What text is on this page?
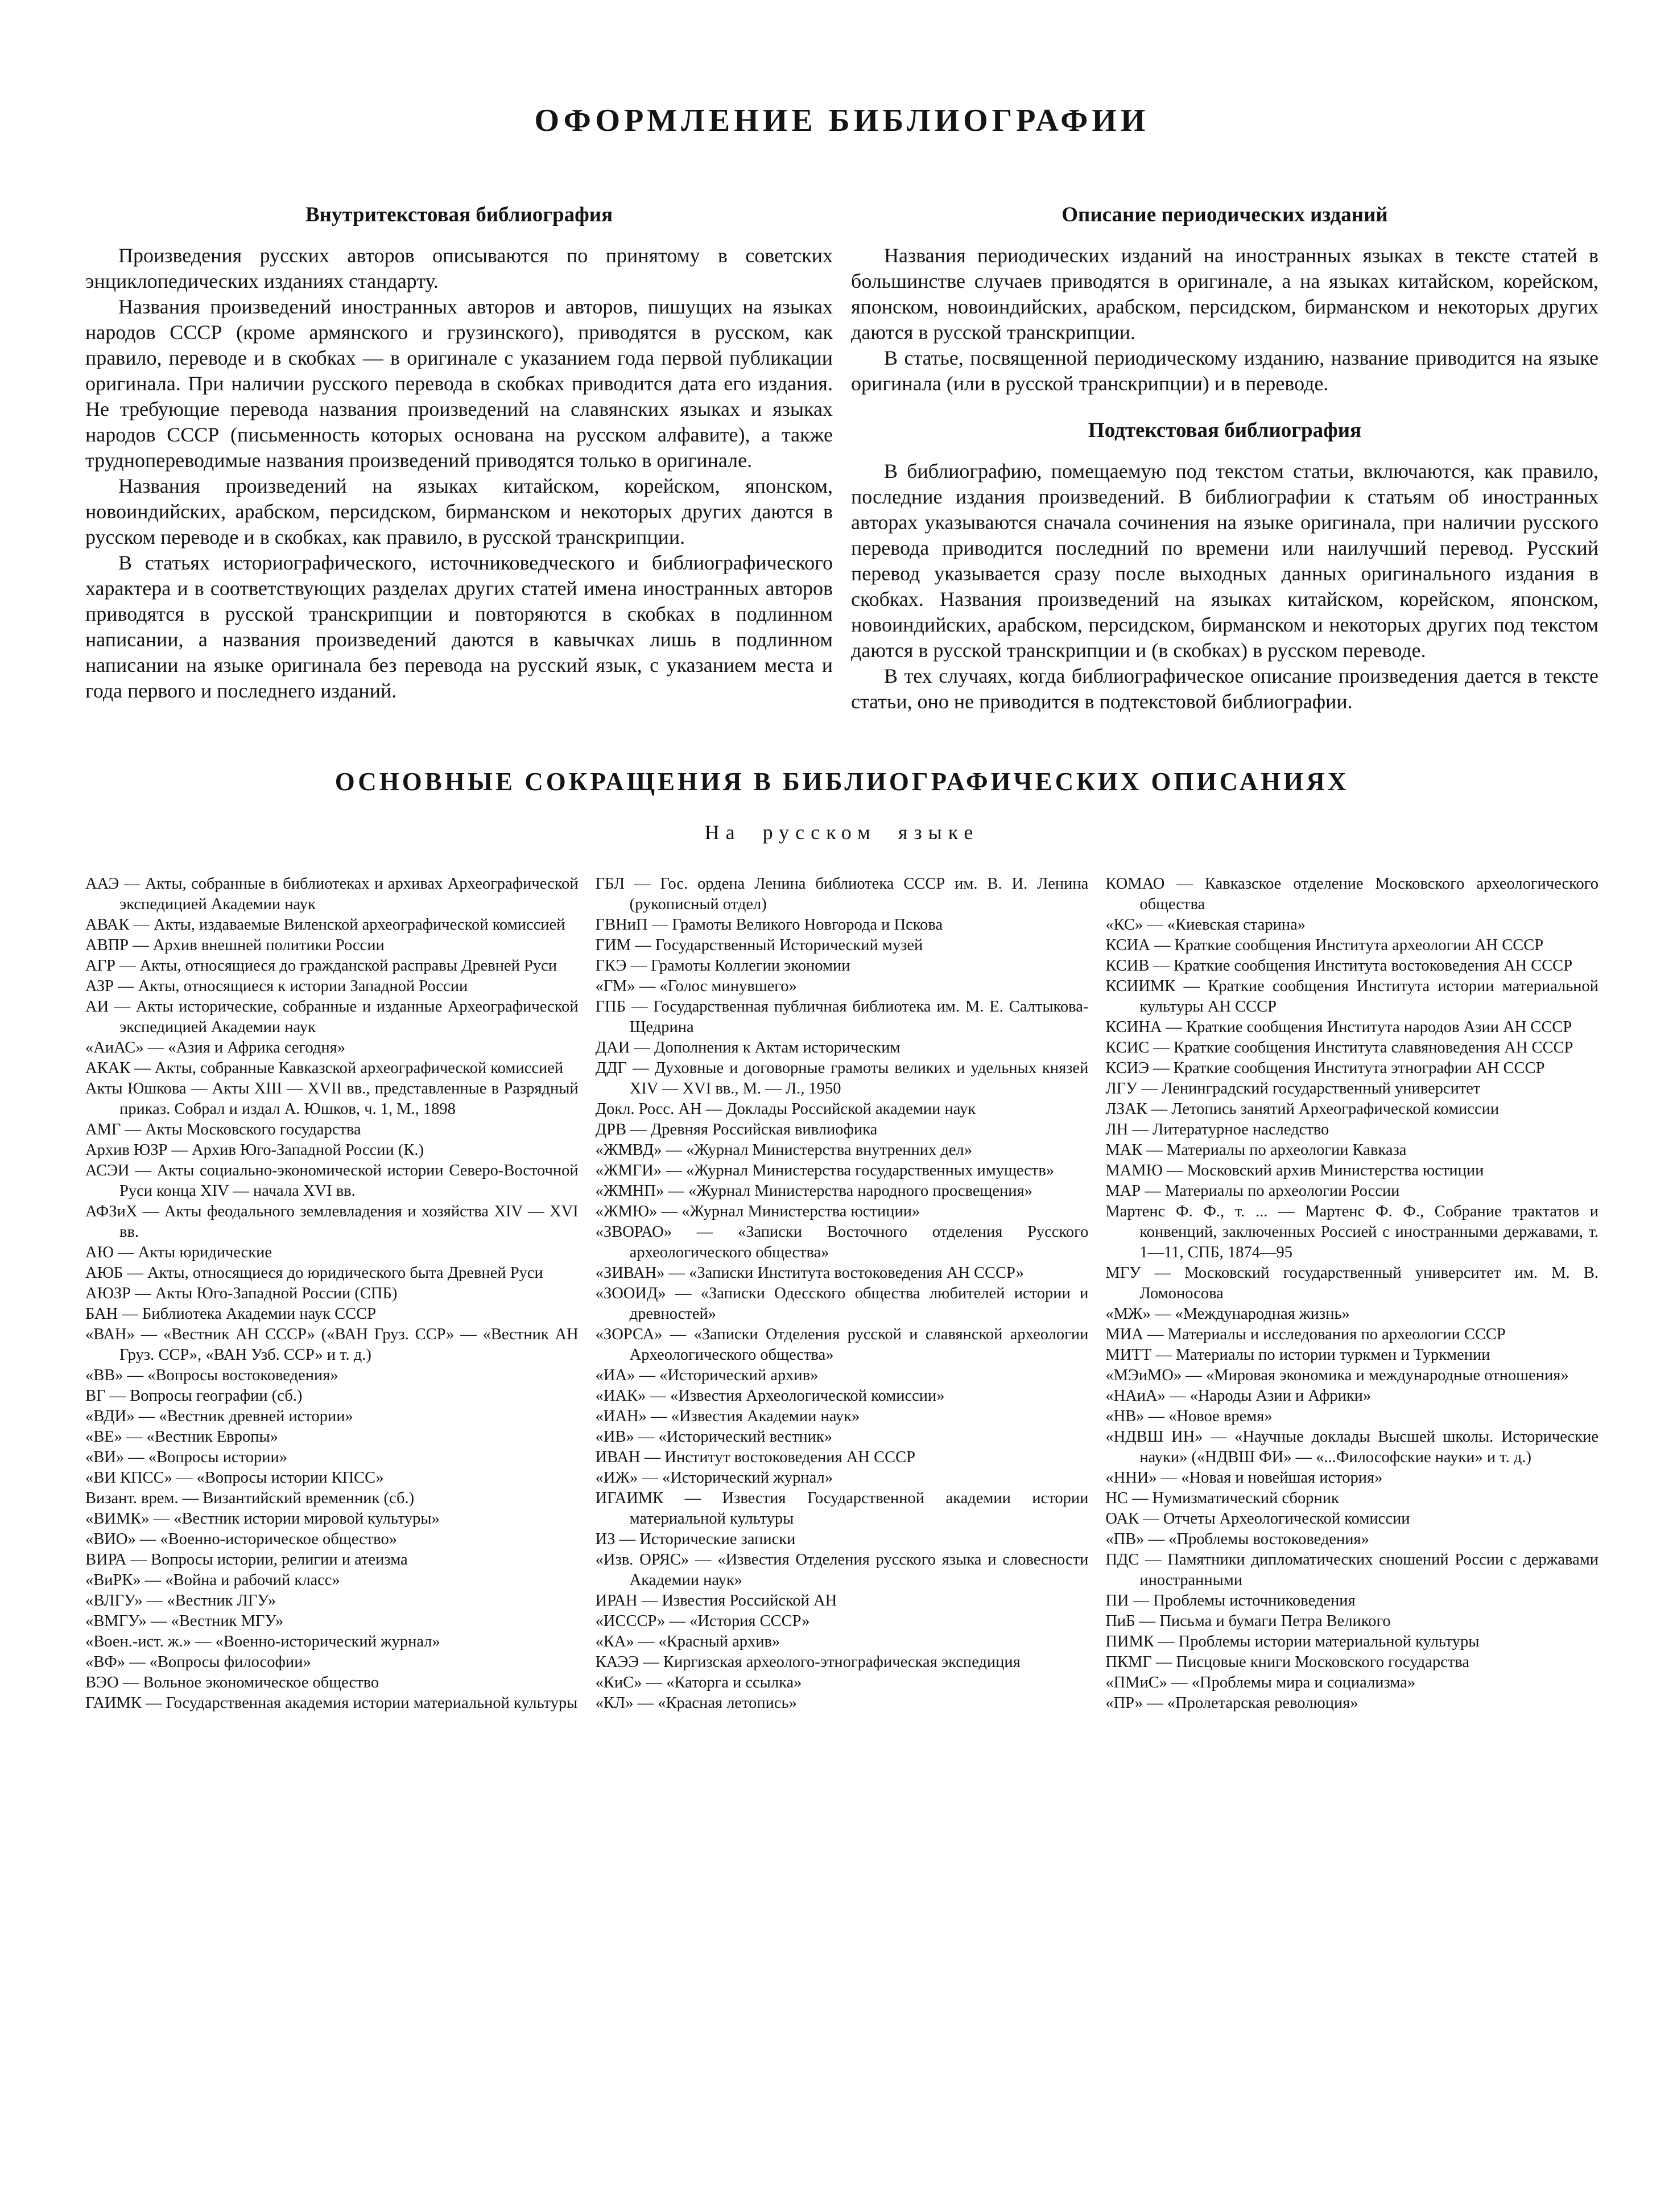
ОФОРМЛЕНИЕ БИБЛИОГРАФИИ
Внутритекстовая библиография

Произведения русских авторов описываются по принятому в советских энциклопедических изданиях стандарту.

Названия произведений иностранных авторов и авторов, пишущих на языках народов СССР (кроме армянского и грузинского), приводятся в русском, как правило, переводе и в скобках — в оригинале с указанием года первой публикации оригинала. При наличии русского перевода в скобках приводится дата его издания. Не требующие перевода названия произведений на славянских языках и языках народов СССР (письменность которых основана на русском алфавите), а также труднопереводимые названия произведений приводятся только в оригинале.

Названия произведений на языках китайском, корейском, японском, новоиндийских, арабском, персидском, бирманском и некоторых других даются в русском переводе и в скобках, как правило, в русской транскрипции.

В статьях историографического, источниковедческого и библиографического характера и в соответствующих разделах других статей имена иностранных авторов приводятся в русской транскрипции и повторяются в скобках в подлинном написании, а названия произведений даются в кавычках лишь в подлинном написании на языке оригинала без перевода на русский язык, с указанием места и года первого и последнего изданий.

Описание периодических изданий

Названия периодических изданий на иностранных языках в тексте статей в большинстве случаев приводятся в оригинале, а на языках китайском, корейском, японском, новоиндийских, арабском, персидском, бирманском и некоторых других даются в русской транскрипции.

В статье, посвященной периодическому изданию, название приводится на языке оригинала (или в русской транскрипции) и в переводе.

Подтекстовая библиография

В библиографию, помещаемую под текстом статьи, включаются, как правило, последние издания произведений. В библиографии к статьям об иностранных авторах указываются сначала сочинения на языке оригинала, при наличии русского перевода приводится последний по времени или наилучший перевод. Русский перевод указывается сразу после выходных данных оригинального издания в скобках. Названия произведений на языках китайском, корейском, японском, новоиндийских, арабском, персидском, бирманском и некоторых других под текстом даются в русской транскрипции и (в скобках) в русском переводе.

В тех случаях, когда библиографическое описание произведения дается в тексте статьи, оно не приводится в подтекстовой библиографии.

ОСНОВНЫЕ СОКРАЩЕНИЯ В БИБЛИОГРАФИЧЕСКИХ ОПИСАНИЯХ
На русском языке

ААЭ — Акты, собранные в библиотеках и архивах Археографической экспедицией Академии наук

АВАК — Акты, издаваемые Виленской археографической комиссией

АВПР — Архив внешней политики России

АГР — Акты, относящиеся до гражданской расправы Древней Руси

АЗР — Акты, относящиеся к истории Западной России

АИ — Акты исторические, собранные и изданные Археографической экспедицией Академии наук

«АиАС» — «Азия и Африка сегодня»

АКАК — Акты, собранные Кавказской археографической комиссией

Акты Юшкова — Акты XIII — XVII вв., представленные в Разрядный приказ. Собрал и издал А. Юшков, ч. 1, М., 1898

АМГ — Акты Московского государства

Архив ЮЗР — Архив Юго-Западной России (К.)

АСЭИ — Акты социально-экономической истории Северо-Восточной Руси конца XIV — начала XVI вв.

АФЗиХ — Акты феодального землевладения и хозяйства XIV — XVI вв.

АЮ — Акты юридические

АЮБ — Акты, относящиеся до юридического быта Древней Руси

АЮЗР — Акты Юго-Западной России (СПБ)

БАН — Библиотека Академии наук СССР

«ВАН» — «Вестник АН СССР» («ВАН Груз. ССР» — «Вестник АН Груз. ССР», «ВАН Узб. ССР» и т. д.)

«ВВ» — «Вопросы востоковедения»

ВГ — Вопросы географии (сб.)

«ВДИ» — «Вестник древней истории»

«ВЕ» — «Вестник Европы»

«ВИ» — «Вопросы истории»

«ВИ КПСС» — «Вопросы истории КПСС»

Визант. врем. — Византийский временник (сб.)

«ВИМК» — «Вестник истории мировой культуры»

«ВИО» — «Военно-историческое общество»

ВИРА — Вопросы истории, религии и атеизма

«ВиРК» — «Война и рабочий класс»

«ВЛГУ» — «Вестник ЛГУ»

«ВМГУ» — «Вестник МГУ»

«Воен.-ист. ж.» — «Военно-исторический журнал»

«ВФ» — «Вопросы философии»

ВЭО — Вольное экономическое общество

ГАИМК — Государственная академия истории материальной культуры

ГБЛ — Гос. ордена Ленина библиотека СССР им. В. И. Ленина (рукописный отдел)

ГВНиП — Грамоты Великого Новгорода и Пскова

ГИМ — Государственный Исторический музей

ГКЭ — Грамоты Коллегии экономии

«ГМ» — «Голос минувшего»

ГПБ — Государственная публичная библиотека им. М. Е. Салтыкова-Щедрина

ДАИ — Дополнения к Актам историческим

ДДГ — Духовные и договорные грамоты великих и удельных князей XIV — XVI вв., М. — Л., 1950

Докл. Росс. АН — Доклады Российской академии наук

ДРВ — Древняя Российская вивлиофика

«ЖМВД» — «Журнал Министерства внутренних дел»

«ЖМГИ» — «Журнал Министерства государственных имуществ»

«ЖМНП» — «Журнал Министерства народного просвещения»

«ЖМЮ» — «Журнал Министерства юстиции»

«ЗВОРАО» — «Записки Восточного отделения Русского археологического общества»

«ЗИВАН» — «Записки Института востоковедения АН СССР»

«ЗООИД» — «Записки Одесского общества любителей истории и древностей»

«ЗОРСА» — «Записки Отделения русской и славянской археологии Археологического общества»

«ИА» — «Исторический архив»

«ИАК» — «Известия Археологической комиссии»

«ИАН» — «Известия Академии наук»

«ИВ» — «Исторический вестник»

ИВАН — Институт востоковедения АН СССР

«ИЖ» — «Исторический журнал»

ИГАИМК — Известия Государственной академии истории материальной культуры

ИЗ — Исторические записки

«Изв. ОРЯС» — «Известия Отделения русского языка и словесности Академии наук»

ИРАН — Известия Российской АН

«ИСССР» — «История СССР»

«КА» — «Красный архив»

КАЭЭ — Киргизская археолого-этнографическая экспедиция

«КиС» — «Каторга и ссылка»

«КЛ» — «Красная летопись»

КОМАО — Кавказское отделение Московского археологического общества

«КС» — «Киевская старина»

КСИА — Краткие сообщения Института археологии АН СССР

КСИВ — Краткие сообщения Института востоковедения АН СССР

КСИИМК — Краткие сообщения Института истории материальной культуры АН СССР

КСИНА — Краткие сообщения Института народов Азии АН СССР

КСИС — Краткие сообщения Института славяноведения АН СССР

КСИЭ — Краткие сообщения Института этнографии АН СССР

ЛГУ — Ленинградский государственный университет

ЛЗАК — Летопись занятий Археографической комиссии

ЛН — Литературное наследство

МАК — Материалы по археологии Кавказа

МАМЮ — Московский архив Министерства юстиции

МАР — Материалы по археологии России

Мартенс Ф. Ф., т. ... — Мартенс Ф. Ф., Собрание трактатов и конвенций, заключенных Россией с иностранными державами, т. 1—11, СПБ, 1874—95

МГУ — Московский государственный университет им. М. В. Ломоносова

«МЖ» — «Международная жизнь»

МИА — Материалы и исследования по археологии СССР

МИТТ — Материалы по истории туркмен и Туркмении

«МЭиМО» — «Мировая экономика и международные отношения»

«НАиА» — «Народы Азии и Африки»

«НВ» — «Новое время»

«НДВШ ИН» — «Научные доклады Высшей школы. Исторические науки» («НДВШ ФИ» — «...Философские науки» и т. д.)

«ННИ» — «Новая и новейшая история»

НС — Нумизматический сборник

ОАК — Отчеты Археологической комиссии

«ПВ» — «Проблемы востоковедения»

ПДС — Памятники дипломатических сношений России с державами иностранными

ПИ — Проблемы источниковедения

ПиБ — Письма и бумаги Петра Великого

ПИМК — Проблемы истории материальной культуры

ПКМГ — Писцовые книги Московского государства

«ПМиС» — «Проблемы мира и социализма»

«ПР» — «Пролетарская революция»
